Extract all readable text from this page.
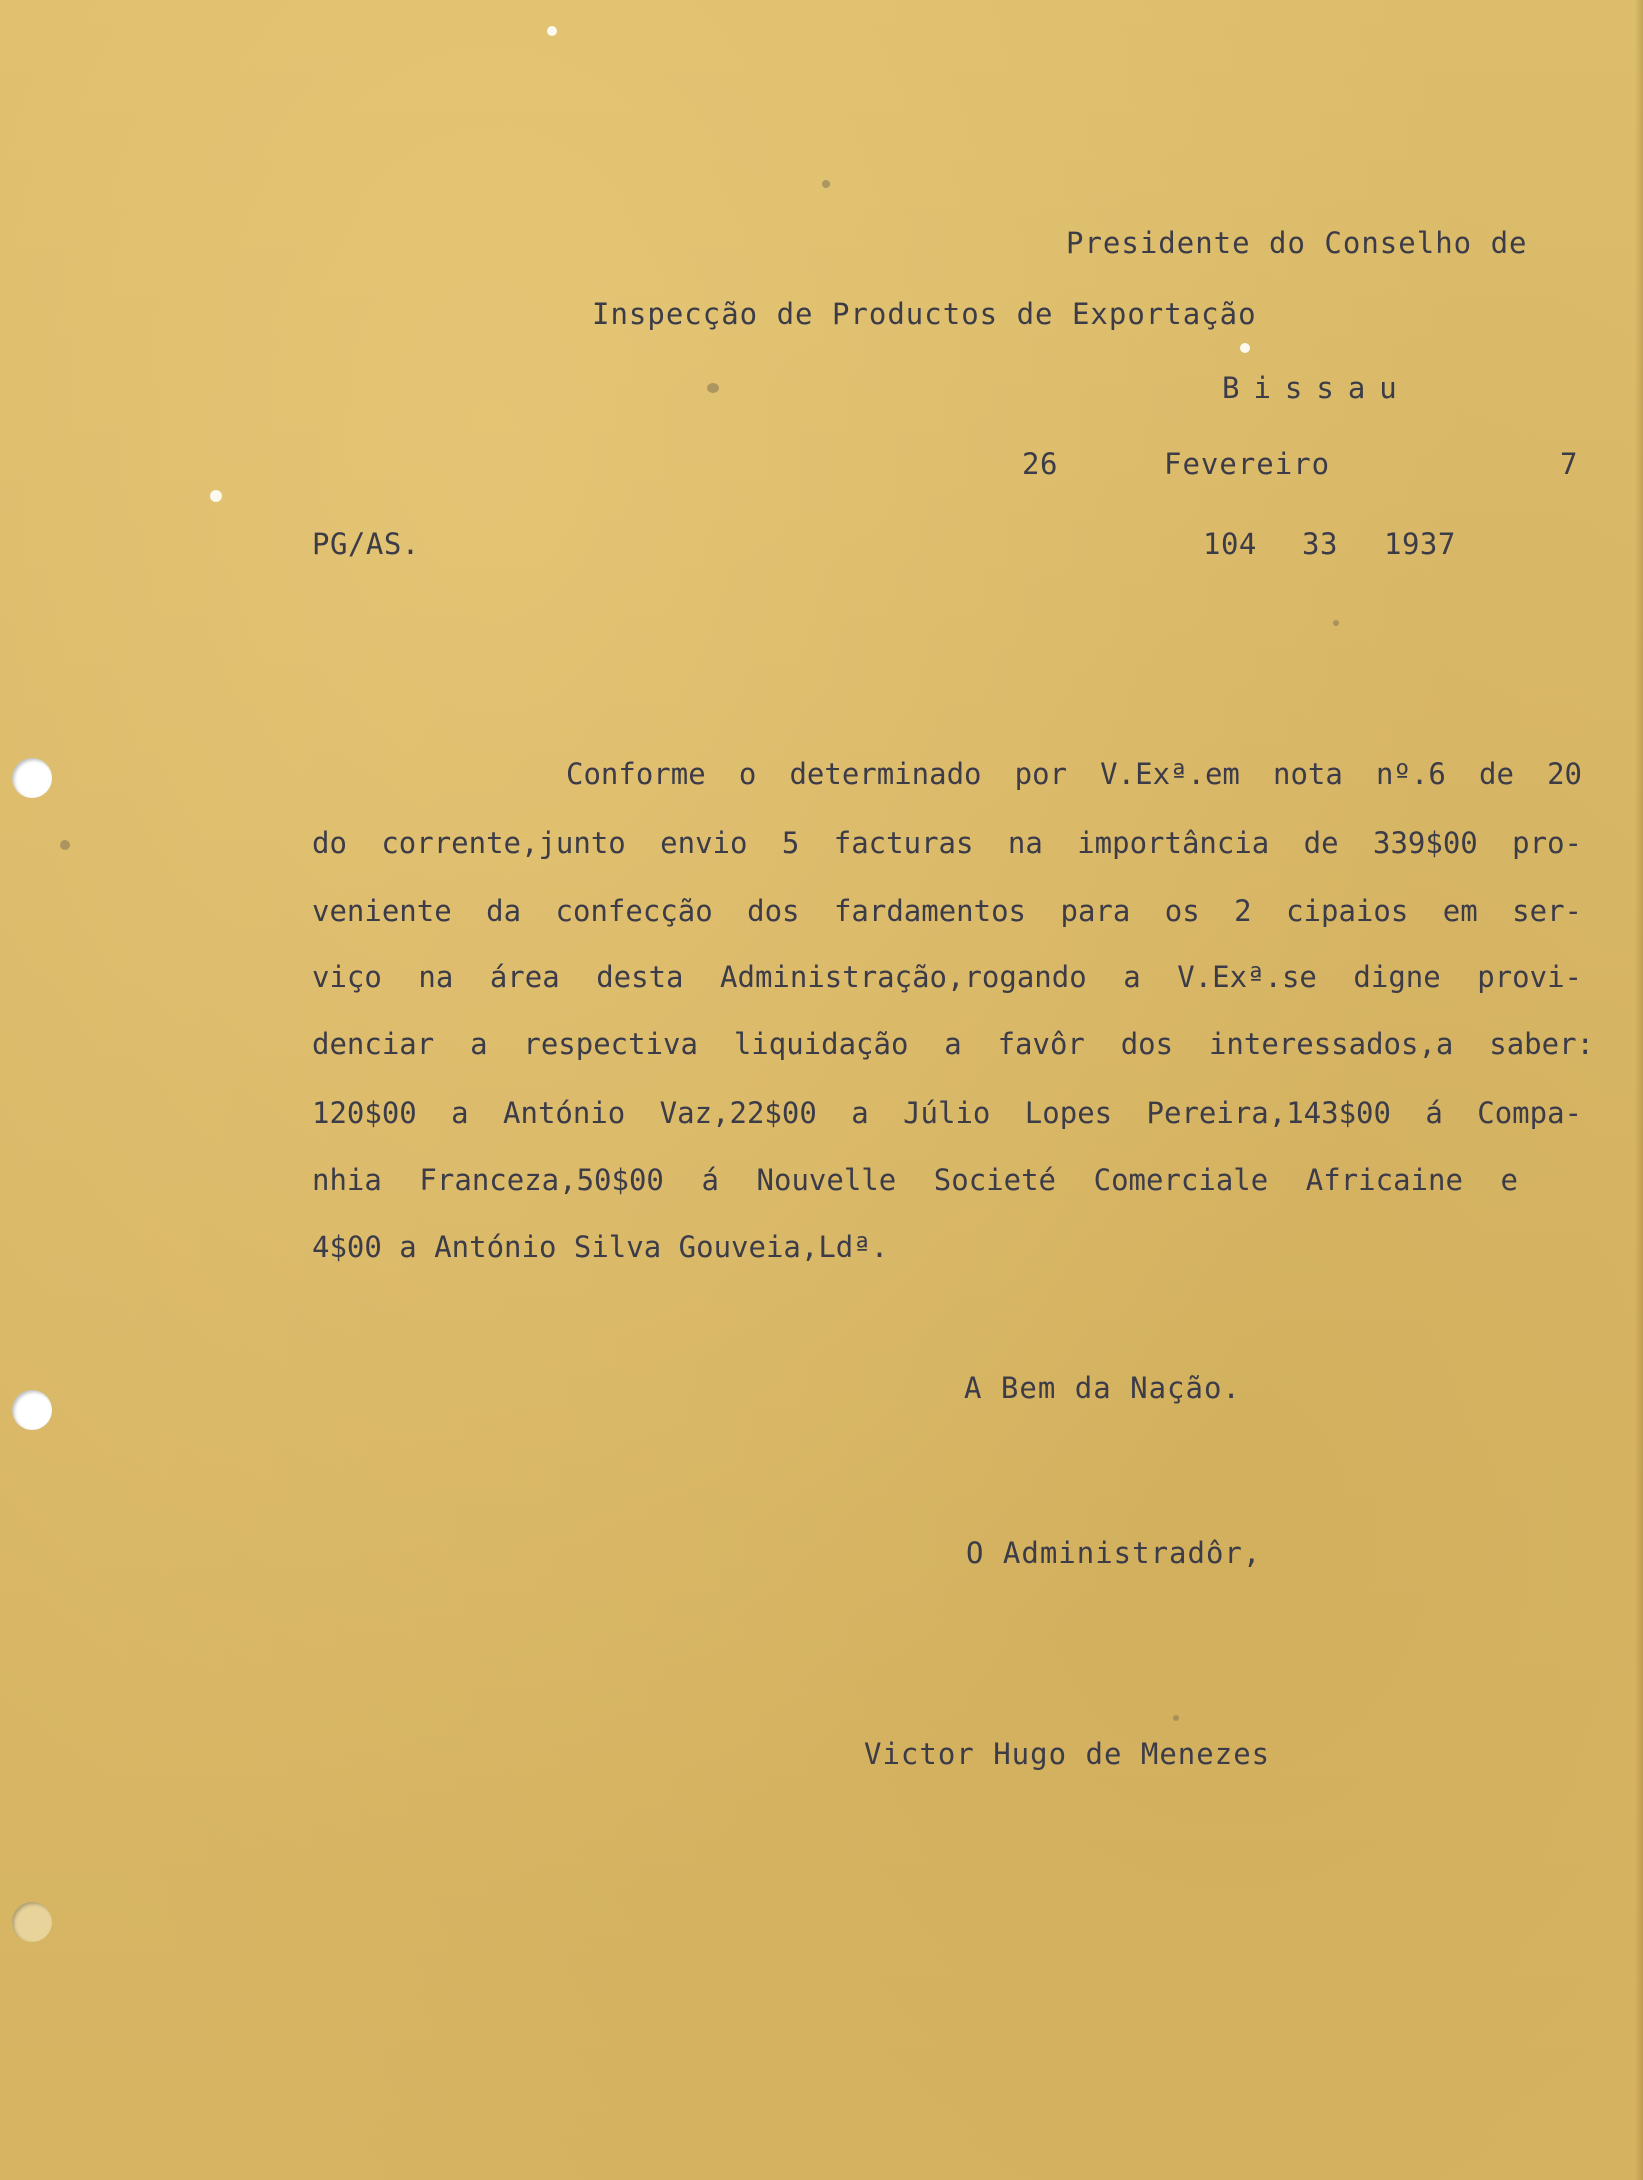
Presidente do Conselho de
Inspecção de Productos de Exportação
Bissau
26	Fevereiro	7
PG/AS.	104 33 1937
Conforme o determinado por V.Exª.em nota nº.6 de 20
do corrente,junto envio 5 facturas na importância de 339$00 pro-
veniente da confecção dos fardamentos para os 2 cipaios em ser-
viço na área desta Administração,rogando a V.Exª.se digne provi-
denciar a respectiva liquidação a favôr dos interessados,a saber:
120$00 a António Vaz,22$00 a Júlio Lopes Pereira,143$00 á Compa-
nhia Franceza,50$00 á Nouvelle Societé Comerciale Africaine e
4$00 a António Silva Gouveia,Ldª.
A Bem da Nação.
O Administradôr,
Victor Hugo de Menezes
